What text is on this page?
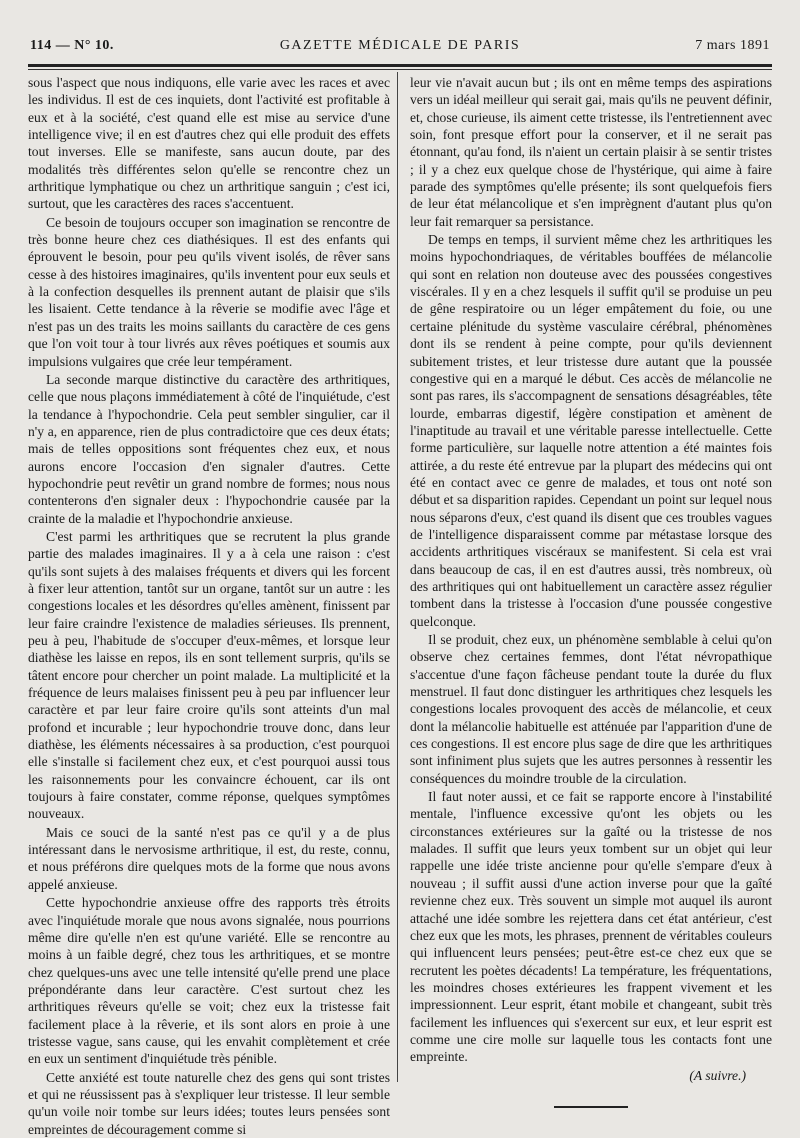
114 — N° 10.	GAZETTE MÉDICALE DE PARIS	7 mars 1891

sous l'aspect que nous indiquons, elle varie avec les races et avec les individus. Il est de ces inquiets, dont l'activité est profitable à eux et à la société, c'est quand elle est mise au service d'une intelligence vive; il en est d'autres chez qui elle produit des effets tout inverses. Elle se manifeste, sans aucun doute, par des modalités très différentes selon qu'elle se rencontre chez un arthritique lymphatique ou chez un arthritique sanguin ; c'est ici, surtout, que les caractères des races s'accentuent.

Ce besoin de toujours occuper son imagination se rencontre de très bonne heure chez ces diathésiques. Il est des enfants qui éprouvent le besoin, pour peu qu'ils vivent isolés, de rêver sans cesse à des histoires imaginaires, qu'ils inventent pour eux seuls et à la confection desquelles ils prennent autant de plaisir que s'ils les lisaient. Cette tendance à la rêverie se modifie avec l'âge et n'est pas un des traits les moins saillants du caractère de ces gens que l'on voit tour à tour livrés aux rêves poétiques et soumis aux impulsions vulgaires que crée leur tempérament.

La seconde marque distinctive du caractère des arthritiques, celle que nous plaçons immédiatement à côté de l'inquiétude, c'est la tendance à l'hypochondrie. Cela peut sembler singulier, car il n'y a, en apparence, rien de plus contradictoire que ces deux états; mais de telles oppositions sont fréquentes chez eux, et nous aurons encore l'occasion d'en signaler d'autres. Cette hypochondrie peut revêtir un grand nombre de formes; nous nous contenterons d'en signaler deux : l'hypochondrie causée par la crainte de la maladie et l'hypochondrie anxieuse.

C'est parmi les arthritiques que se recrutent la plus grande partie des malades imaginaires. Il y a à cela une raison : c'est qu'ils sont sujets à des malaises fréquents et divers qui les forcent à fixer leur attention, tantôt sur un organe, tantôt sur un autre : les congestions locales et les désordres qu'elles amènent, finissent par leur faire craindre l'existence de maladies sérieuses. Ils prennent, peu à peu, l'habitude de s'occuper d'eux-mêmes, et lorsque leur diathèse les laisse en repos, ils en sont tellement surpris, qu'ils se tâtent encore pour chercher un point malade. La multiplicité et la fréquence de leurs malaises finissent peu à peu par influencer leur caractère et par leur faire croire qu'ils sont atteints d'un mal profond et incurable ; leur hypochondrie trouve donc, dans leur diathèse, les éléments nécessaires à sa production, c'est pourquoi elle s'installe si facilement chez eux, et c'est pourquoi aussi tous les raisonnements pour les convaincre échouent, car ils ont toujours à faire constater, comme réponse, quelques symptômes nouveaux.

Mais ce souci de la santé n'est pas ce qu'il y a de plus intéressant dans le nervosisme arthritique, il est, du reste, connu, et nous préférons dire quelques mots de la forme que nous avons appelé anxieuse.

Cette hypochondrie anxieuse offre des rapports très étroits avec l'inquiétude morale que nous avons signalée, nous pourrions même dire qu'elle n'en est qu'une variété. Elle se rencontre au moins à un faible degré, chez tous les arthritiques, et se montre chez quelques-uns avec une telle intensité qu'elle prend une place prépondérante dans leur caractère. C'est surtout chez les arthritiques rêveurs qu'elle se voit; chez eux la tristesse fait facilement place à la rêverie, et ils sont alors en proie à une tristesse vague, sans cause, qui les envahit complètement et crée en eux un sentiment d'inquiétude très pénible.

Cette anxiété est toute naturelle chez des gens qui sont tristes et qui ne réussissent pas à s'expliquer leur tristesse. Il leur semble qu'un voile noir tombe sur leurs idées; toutes leurs pensées sont empreintes de découragement comme si

leur vie n'avait aucun but ; ils ont en même temps des aspirations vers un idéal meilleur qui serait gai, mais qu'ils ne peuvent définir, et, chose curieuse, ils aiment cette tristesse, ils l'entretiennent avec soin, font presque effort pour la conserver, et il ne serait pas étonnant, qu'au fond, ils n'aient un certain plaisir à se sentir tristes ; il y a chez eux quelque chose de l'hystérique, qui aime à faire parade des symptômes qu'elle présente; ils sont quelquefois fiers de leur état mélancolique et s'en imprègnent d'autant plus qu'on leur fait remarquer sa persistance.

De temps en temps, il survient même chez les arthritiques les moins hypochondriaques, de véritables bouffées de mélancolie qui sont en relation non douteuse avec des poussées congestives viscérales. Il y en a chez lesquels il suffit qu'il se produise un peu de gêne respiratoire ou un léger empâtement du foie, ou une certaine plénitude du système vasculaire cérébral, phénomènes dont ils se rendent à peine compte, pour qu'ils deviennent subitement tristes, et leur tristesse dure autant que la poussée congestive qui en a marqué le début. Ces accès de mélancolie ne sont pas rares, ils s'accompagnent de sensations désagréables, tête lourde, embarras digestif, légère constipation et amènent de l'inaptitude au travail et une véritable paresse intellectuelle. Cette forme particulière, sur laquelle notre attention a été maintes fois attirée, a du reste été entrevue par la plupart des médecins qui ont été en contact avec ce genre de malades, et tous ont noté son début et sa disparition rapides. Cependant un point sur lequel nous nous séparons d'eux, c'est quand ils disent que ces troubles vagues de l'intelligence disparaissent comme par métastase lorsque des accidents arthritiques viscéraux se manifestent. Si cela est vrai dans beaucoup de cas, il en est d'autres aussi, très nombreux, où des arthritiques qui ont habituellement un caractère assez régulier tombent dans la tristesse à l'occasion d'une poussée congestive quelconque.

Il se produit, chez eux, un phénomène semblable à celui qu'on observe chez certaines femmes, dont l'état névropathique s'accentue d'une façon fâcheuse pendant toute la durée du flux menstruel. Il faut donc distinguer les arthritiques chez lesquels les congestions locales provoquent des accès de mélancolie, et ceux dont la mélancolie habituelle est atténuée par l'apparition d'une de ces congestions. Il est encore plus sage de dire que les arthritiques sont infiniment plus sujets que les autres personnes à ressentir les conséquences du moindre trouble de la circulation.

Il faut noter aussi, et ce fait se rapporte encore à l'instabilité mentale, l'influence excessive qu'ont les objets ou les circonstances extérieures sur la gaîté ou la tristesse de nos malades. Il suffit que leurs yeux tombent sur un objet qui leur rappelle une idée triste ancienne pour qu'elle s'empare d'eux à nouveau ; il suffit aussi d'une action inverse pour que la gaîté revienne chez eux. Très souvent un simple mot auquel ils auront attaché une idée sombre les rejettera dans cet état antérieur, c'est chez eux que les mots, les phrases, prennent de véritables couleurs qui influencent leurs pensées; peut-être est-ce chez eux que se recrutent les poètes décadents! La température, les fréquentations, les moindres choses extérieures les frappent vivement et les impressionnent. Leur esprit, étant mobile et changeant, subit très facilement les influences qui s'exercent sur eux, et leur esprit est comme une cire molle sur laquelle tous les contacts font une empreinte.

(A suivre.)
